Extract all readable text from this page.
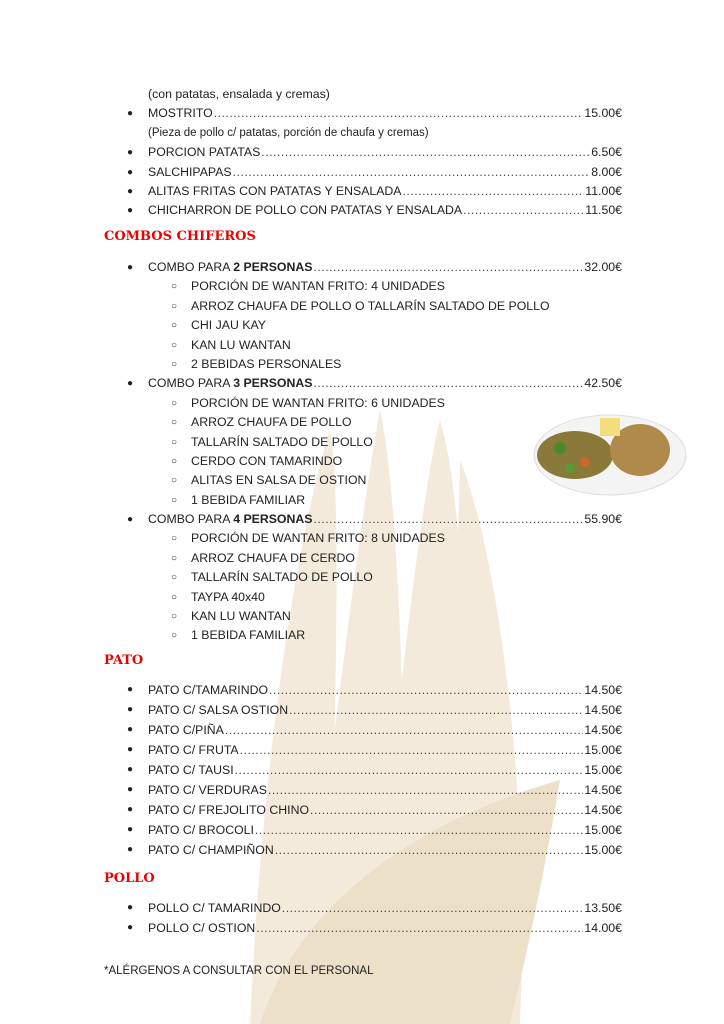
(con patatas, ensalada y cremas)
● MOSTRITO .....	15.00€
(Pieza de pollo c/ patatas, porción de chaufa y cremas)
● PORCION PATATAS .....	6.50€
● SALCHIPAPAS .....	8.00€
● ALITAS FRITAS CON PATATAS Y ENSALADA .....	11.00€
● CHICHARRON DE POLLO CON PATATAS Y ENSALADA .....	11.50€
COMBOS CHIFEROS
● COMBO PARA 2 PERSONAS .....	32.00€
○ PORCIÓN DE WANTAN FRITO: 4 UNIDADES
○ ARROZ CHAUFA DE POLLO O TALLARÍN SALTADO DE POLLO
○ CHI JAU KAY
○ KAN LU WANTAN
○ 2 BEBIDAS PERSONALES
● COMBO PARA 3 PERSONAS .....	42.50€
○ PORCIÓN DE WANTAN FRITO: 6 UNIDADES
○ ARROZ CHAUFA DE POLLO
○ TALLARÍN SALTADO DE POLLO
○ CERDO CON TAMARINDO
○ ALITAS EN SALSA DE OSTION
○ 1 BEBIDA FAMILIAR
● COMBO PARA 4 PERSONAS .....	55.90€
○ PORCIÓN DE WANTAN FRITO: 8 UNIDADES
○ ARROZ CHAUFA DE CERDO
○ TALLARÍN SALTADO DE POLLO
○ TAYPA 40x40
○ KAN LU WANTAN
○ 1 BEBIDA FAMILIAR
PATO
● PATO C/TAMARINDO .....	14.50€
● PATO C/ SALSA OSTION .....	14.50€
● PATO C/PIÑA .....	14.50€
● PATO C/ FRUTA .....	15.00€
● PATO C/ TAUSI .....	15.00€
● PATO C/ VERDURAS .....	14.50€
● PATO C/ FREJOLITO CHINO .....	14.50€
● PATO C/ BROCOLI .....	15.00€
● PATO C/ CHAMPIÑON .....	15.00€
POLLO
● POLLO C/ TAMARINDO .....	13.50€
● POLLO C/ OSTION .....	14.00€
*ALÉRGENOS A CONSULTAR CON EL PERSONAL
